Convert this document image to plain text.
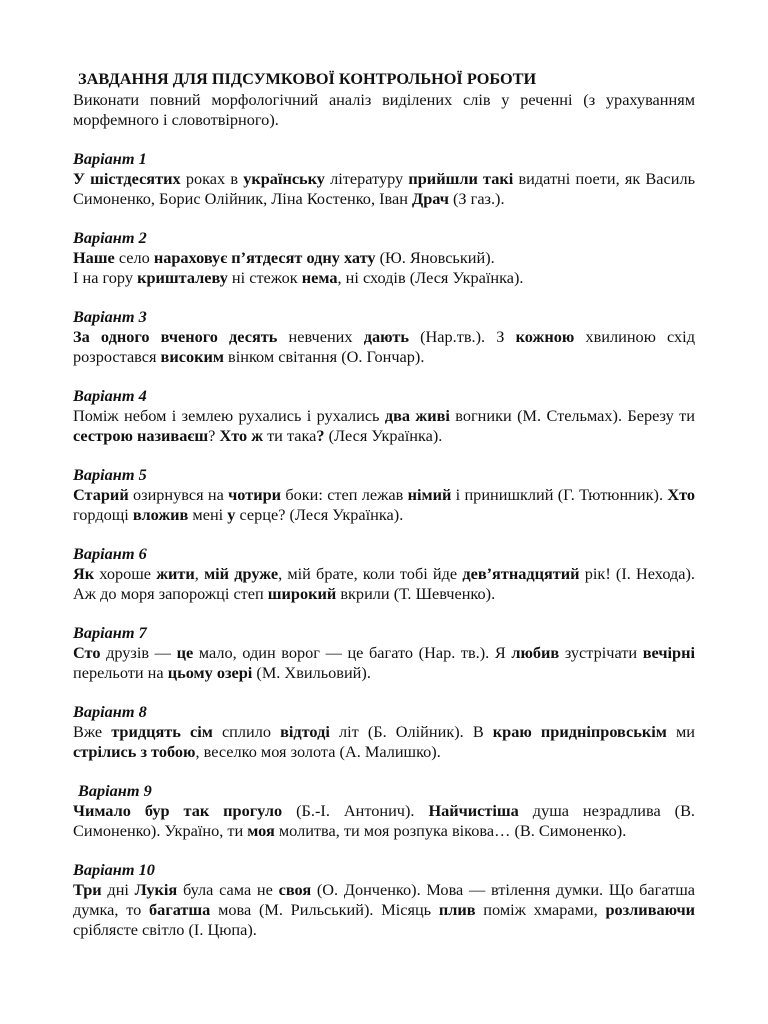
ЗАВДАННЯ ДЛЯ ПІДСУМКОВОЇ КОНТРОЛЬНОЇ РОБОТИ

Виконати повний морфологічний аналіз виділених слів у реченні (з урахуванням морфемного і словотвірного).

Варіант 1

У шістдесятих роках в українську літературу прийшли такі видатні поети, як Василь Симоненко, Борис Олійник, Ліна Костенко, Іван Драч (З газ.).

Варіант 2

Наше село нараховує п’ятдесят одну хату (Ю. Яновський).
І на гору кришталеву ні стежок нема, ні сходів (Леся Українка).

Варіант 3

За одного вченого десять невчених дають (Нар.тв.). З кожною хвилиною схід розростався високим вінком світання (О. Гончар).

Варіант 4

Поміж небом і землею рухались і рухались два живі вогники (М. Стельмах). Березу ти сестрою називаєш? Хто ж ти така? (Леся Українка).

Варіант 5

Старий озирнувся на чотири боки: степ лежав німий і принишклий (Г. Тютюнник). Хто гордощі вложив мені у серце? (Леся Українка).

Варіант 6

Як хороше жити, мій друже, мій брате, коли тобі йде дев’ятнадцятий рік! (І. Нехода). Аж до моря запорожці степ широкий вкрили (Т. Шевченко).

Варіант 7

Сто друзів — це мало, один ворог — це багато (Нар. тв.). Я любив зустрічати вечірні перельоти на цьому озері (М. Хвильовий).

Варіант 8

Вже тридцять сім сплило відтоді літ (Б. Олійник). В краю придніпровськім ми стрілись з тобою, веселко моя золота (А. Малишко).

Варіант 9

Чимало бур так прогуло (Б.-І. Антонич). Найчистіша душа незрадлива (В. Симоненко). Україно, ти моя молитва, ти моя розпука вікова… (В. Симоненко).

Варіант 10

Три дні Лукія була сама не своя (О. Донченко). Мова — втілення думки. Що багатша думка, то багатша мова (М. Рильський). Місяць плив поміж хмарами, розливаючи сріблясте світло (І. Цюпа).
